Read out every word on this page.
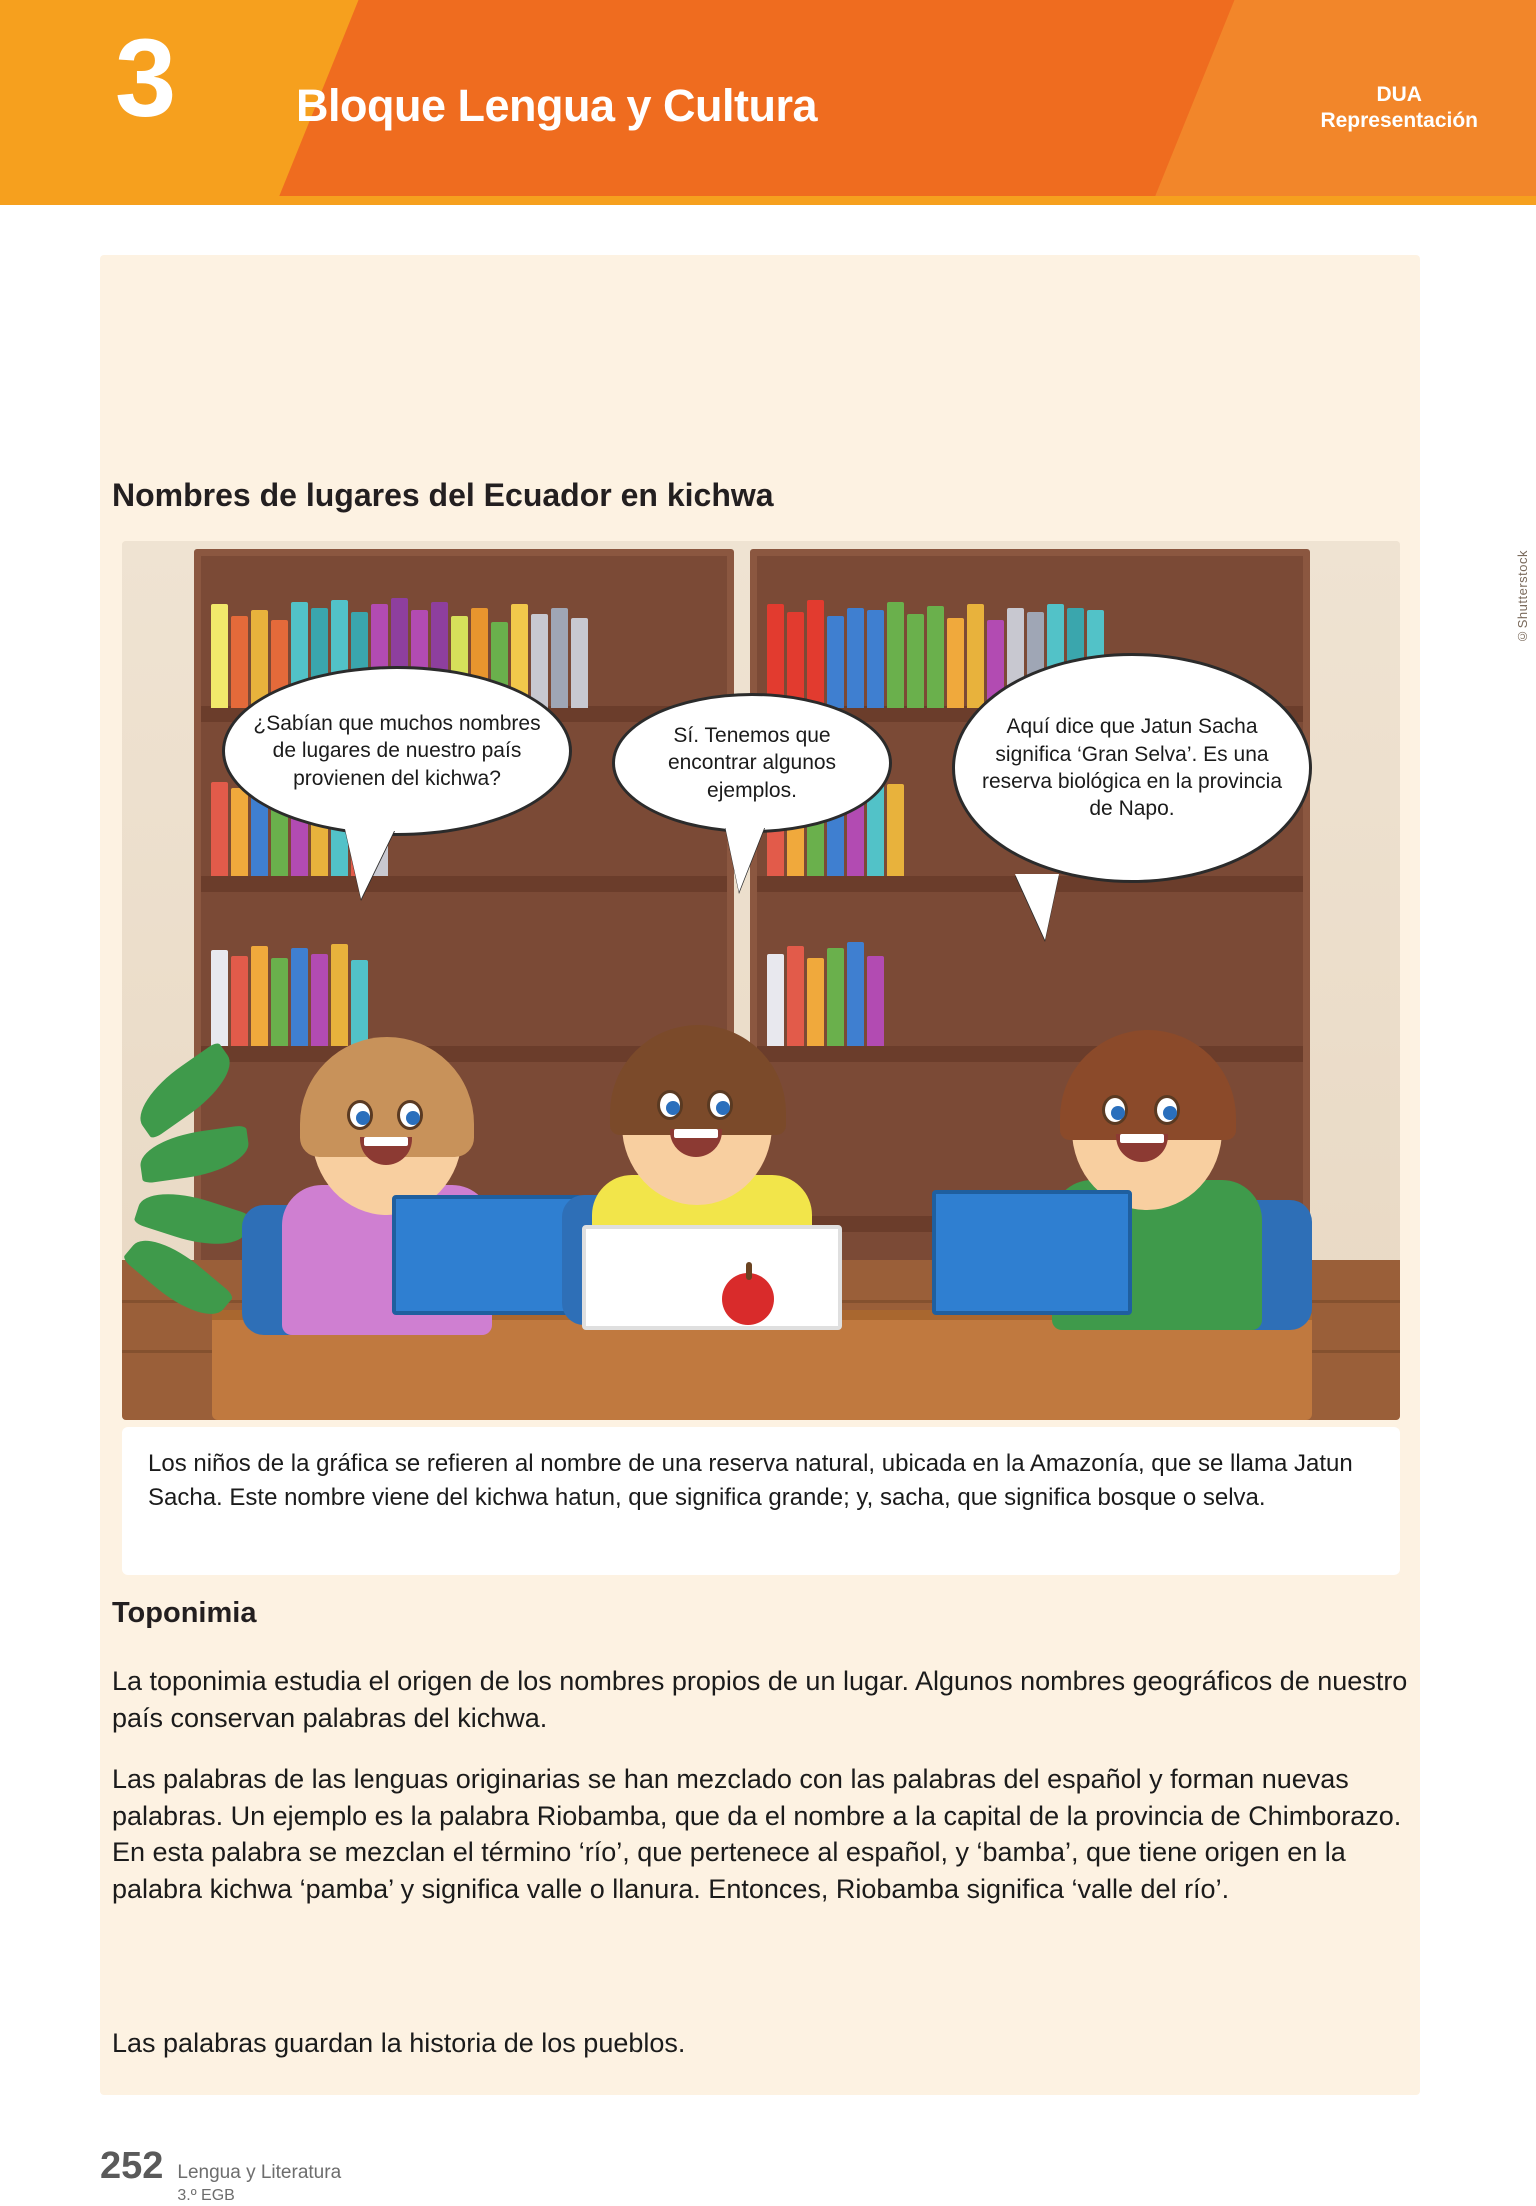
3	Bloque Lengua y Cultura	DUA
Representación
Nombres de lugares del Ecuador en kichwa
¿Sabían que muchos nombres de lugares de nuestro país provienen del kichwa?
Sí. Tenemos que encontrar algunos ejemplos.
Aquí dice que Jatun Sacha significa ‘Gran Selva’. Es una reserva biológica en la provincia de Napo.
©Shutterstock
Los niños de la gráfica se refieren al nombre de una reserva natural, ubicada en la Amazonía, que se llama Jatun Sacha. Este nombre viene del kichwa hatun, que significa grande; y, sacha, que significa bosque o selva.
Toponimia
La toponimia estudia el origen de los nombres propios de un lugar. Algunos nombres geográficos de nuestro país conservan palabras del kichwa.
Las palabras de las lenguas originarias se han mezclado con las palabras del español y forman nuevas palabras. Un ejemplo es la palabra Riobamba, que da el nombre a la capital de la provincia de Chimborazo. En esta palabra se mezclan el término ‘río’, que pertenece al español, y ‘bamba’, que tiene origen en la palabra kichwa ‘pamba’ y significa valle o llanura. Entonces, Riobamba significa ‘valle del río’.
Las palabras guardan la historia de los pueblos.
252 Lengua y Literatura
3.º EGB
